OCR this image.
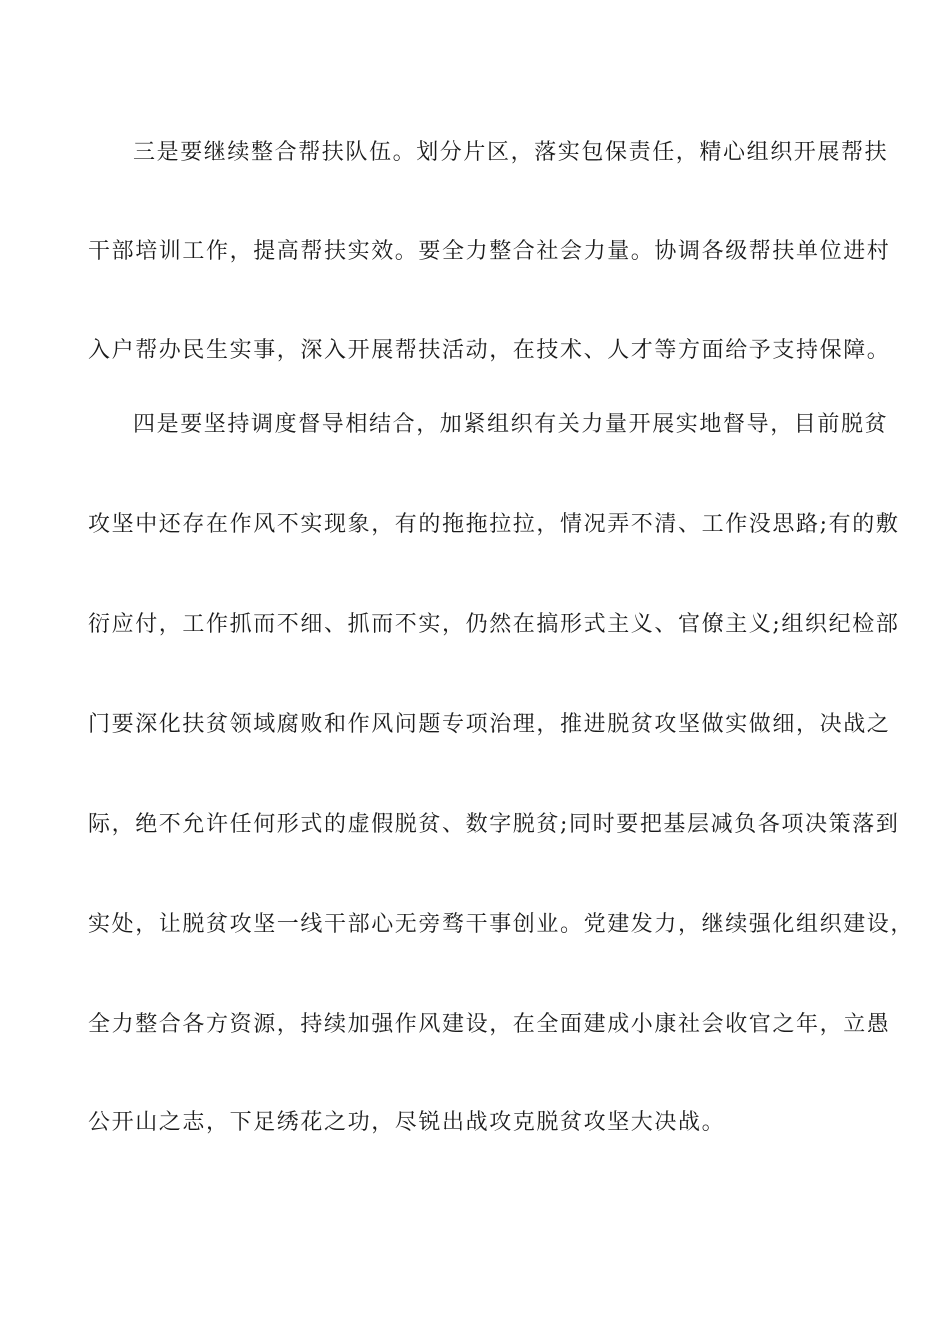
三是要继续整合帮扶队伍。划分片区，落实包保责任，精心组织开展帮扶
干部培训工作，提高帮扶实效。要全力整合社会力量。协调各级帮扶单位进村
入户帮办民生实事，深入开展帮扶活动，在技术、人才等方面给予支持保障。
四是要坚持调度督导相结合，加紧组织有关力量开展实地督导，目前脱贫
攻坚中还存在作风不实现象，有的拖拖拉拉，情况弄不清、工作没思路;有的敷
衍应付，工作抓而不细、抓而不实，仍然在搞形式主义、官僚主义;组织纪检部
门要深化扶贫领域腐败和作风问题专项治理，推进脱贫攻坚做实做细，决战之
际，绝不允许任何形式的虚假脱贫、数字脱贫;同时要把基层减负各项决策落到
实处，让脱贫攻坚一线干部心无旁骛干事创业。党建发力，继续强化组织建设，
全力整合各方资源，持续加强作风建设，在全面建成小康社会收官之年，立愚
公开山之志，下足绣花之功，尽锐出战攻克脱贫攻坚大决战。
